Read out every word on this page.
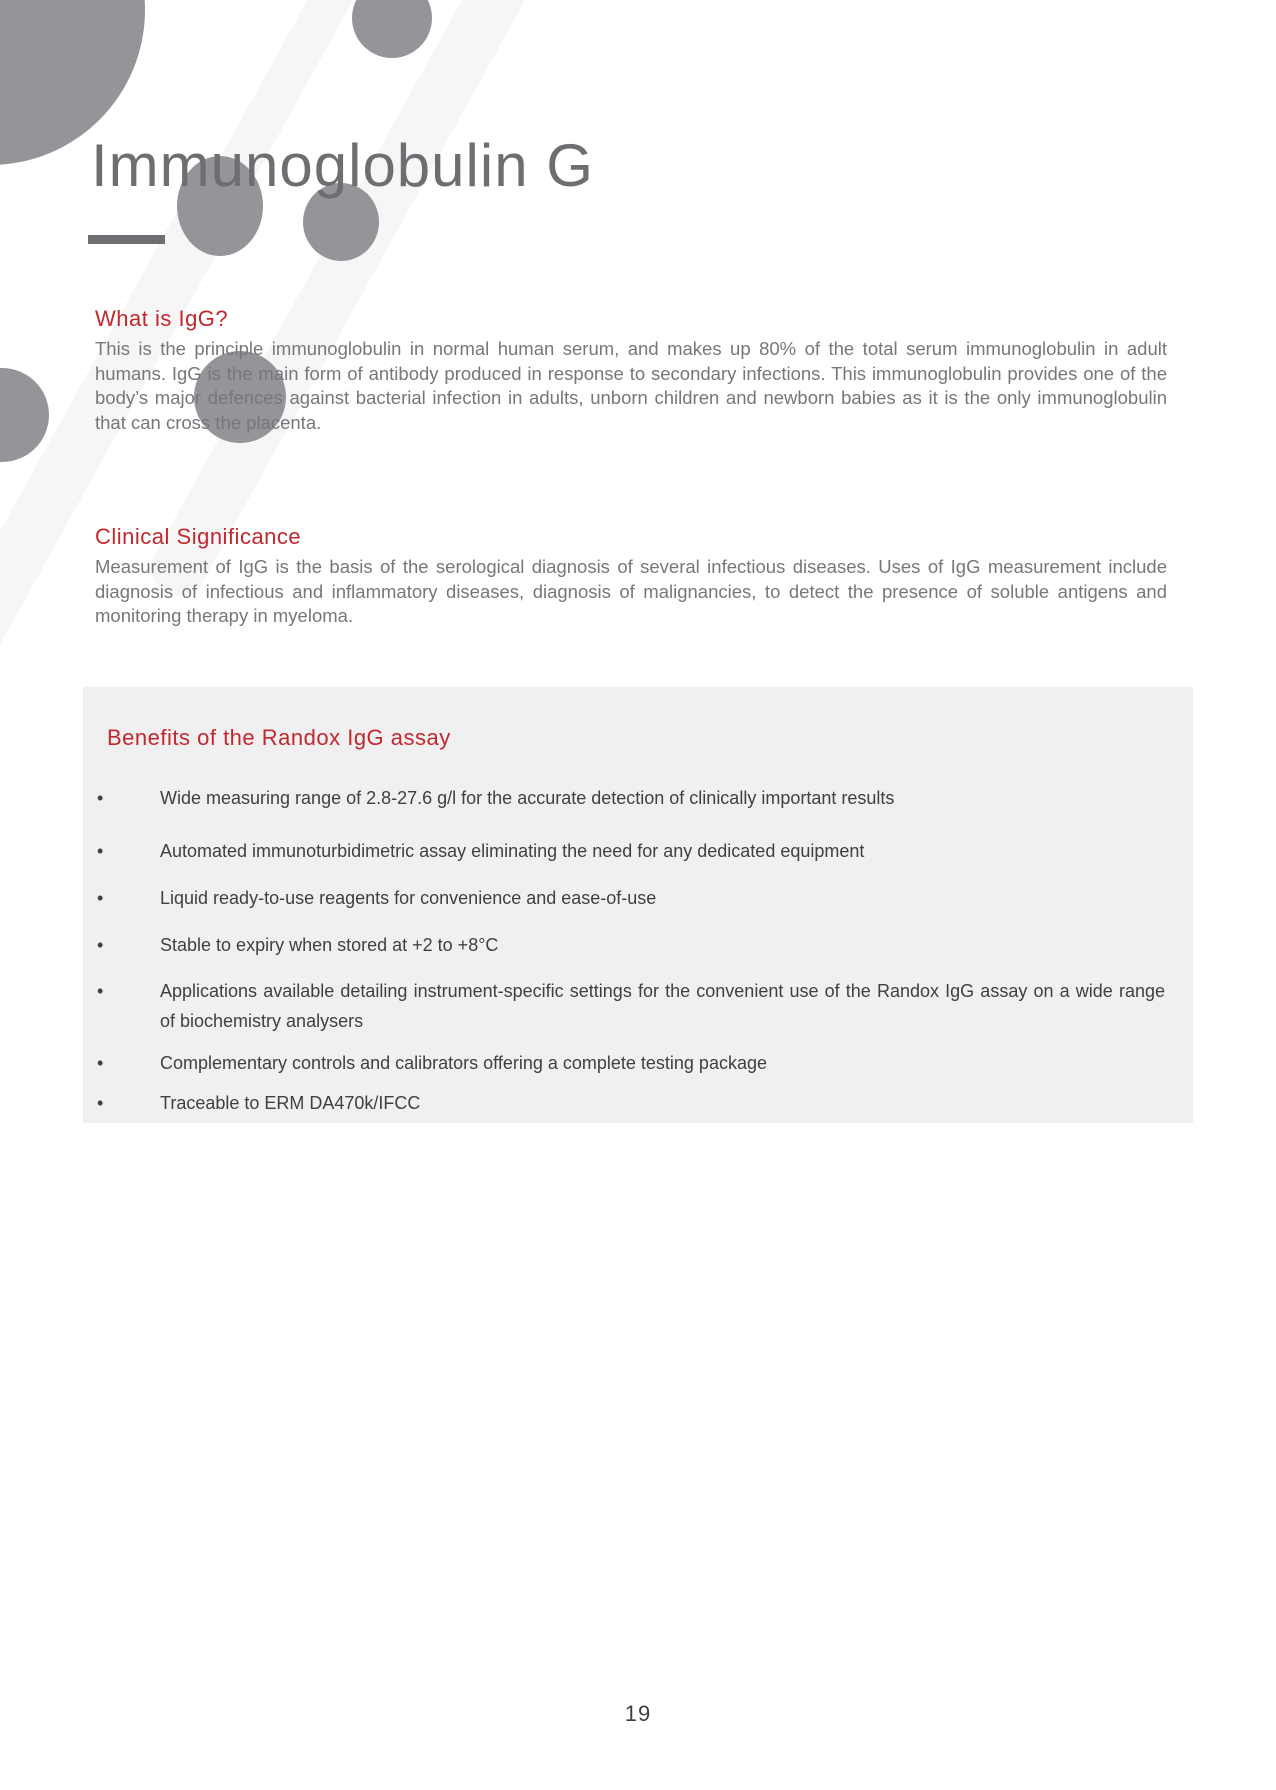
Immunoglobulin G
What is IgG?

This is the principle immunoglobulin in normal human serum, and makes up 80% of the total serum immunoglobulin in adult humans. IgG is the main form of antibody produced in response to secondary infections. This immunoglobulin provides one of the body’s major defences against bacterial infection in adults, unborn children and newborn babies as it is the only immunoglobulin that can cross the placenta.

Clinical Significance

Measurement of IgG is the basis of the serological diagnosis of several infectious diseases. Uses of IgG measurement include diagnosis of infectious and inflammatory diseases, diagnosis of malignancies, to detect the presence of soluble antigens and monitoring therapy in myeloma.

Benefits of the Randox IgG assay
• Wide measuring range of 2.8-27.6 g/l for the accurate detection of clinically important results
• Automated immunoturbidimetric assay eliminating the need for any dedicated equipment
• Liquid ready-to-use reagents for convenience and ease-of-use
• Stable to expiry when stored at +2 to +8°C
• Applications available detailing instrument-specific settings for the convenient use of the Randox IgG assay on a wide range of biochemistry analysers
• Complementary controls and calibrators offering a complete testing package
• Traceable to ERM DA470k/IFCC
19
